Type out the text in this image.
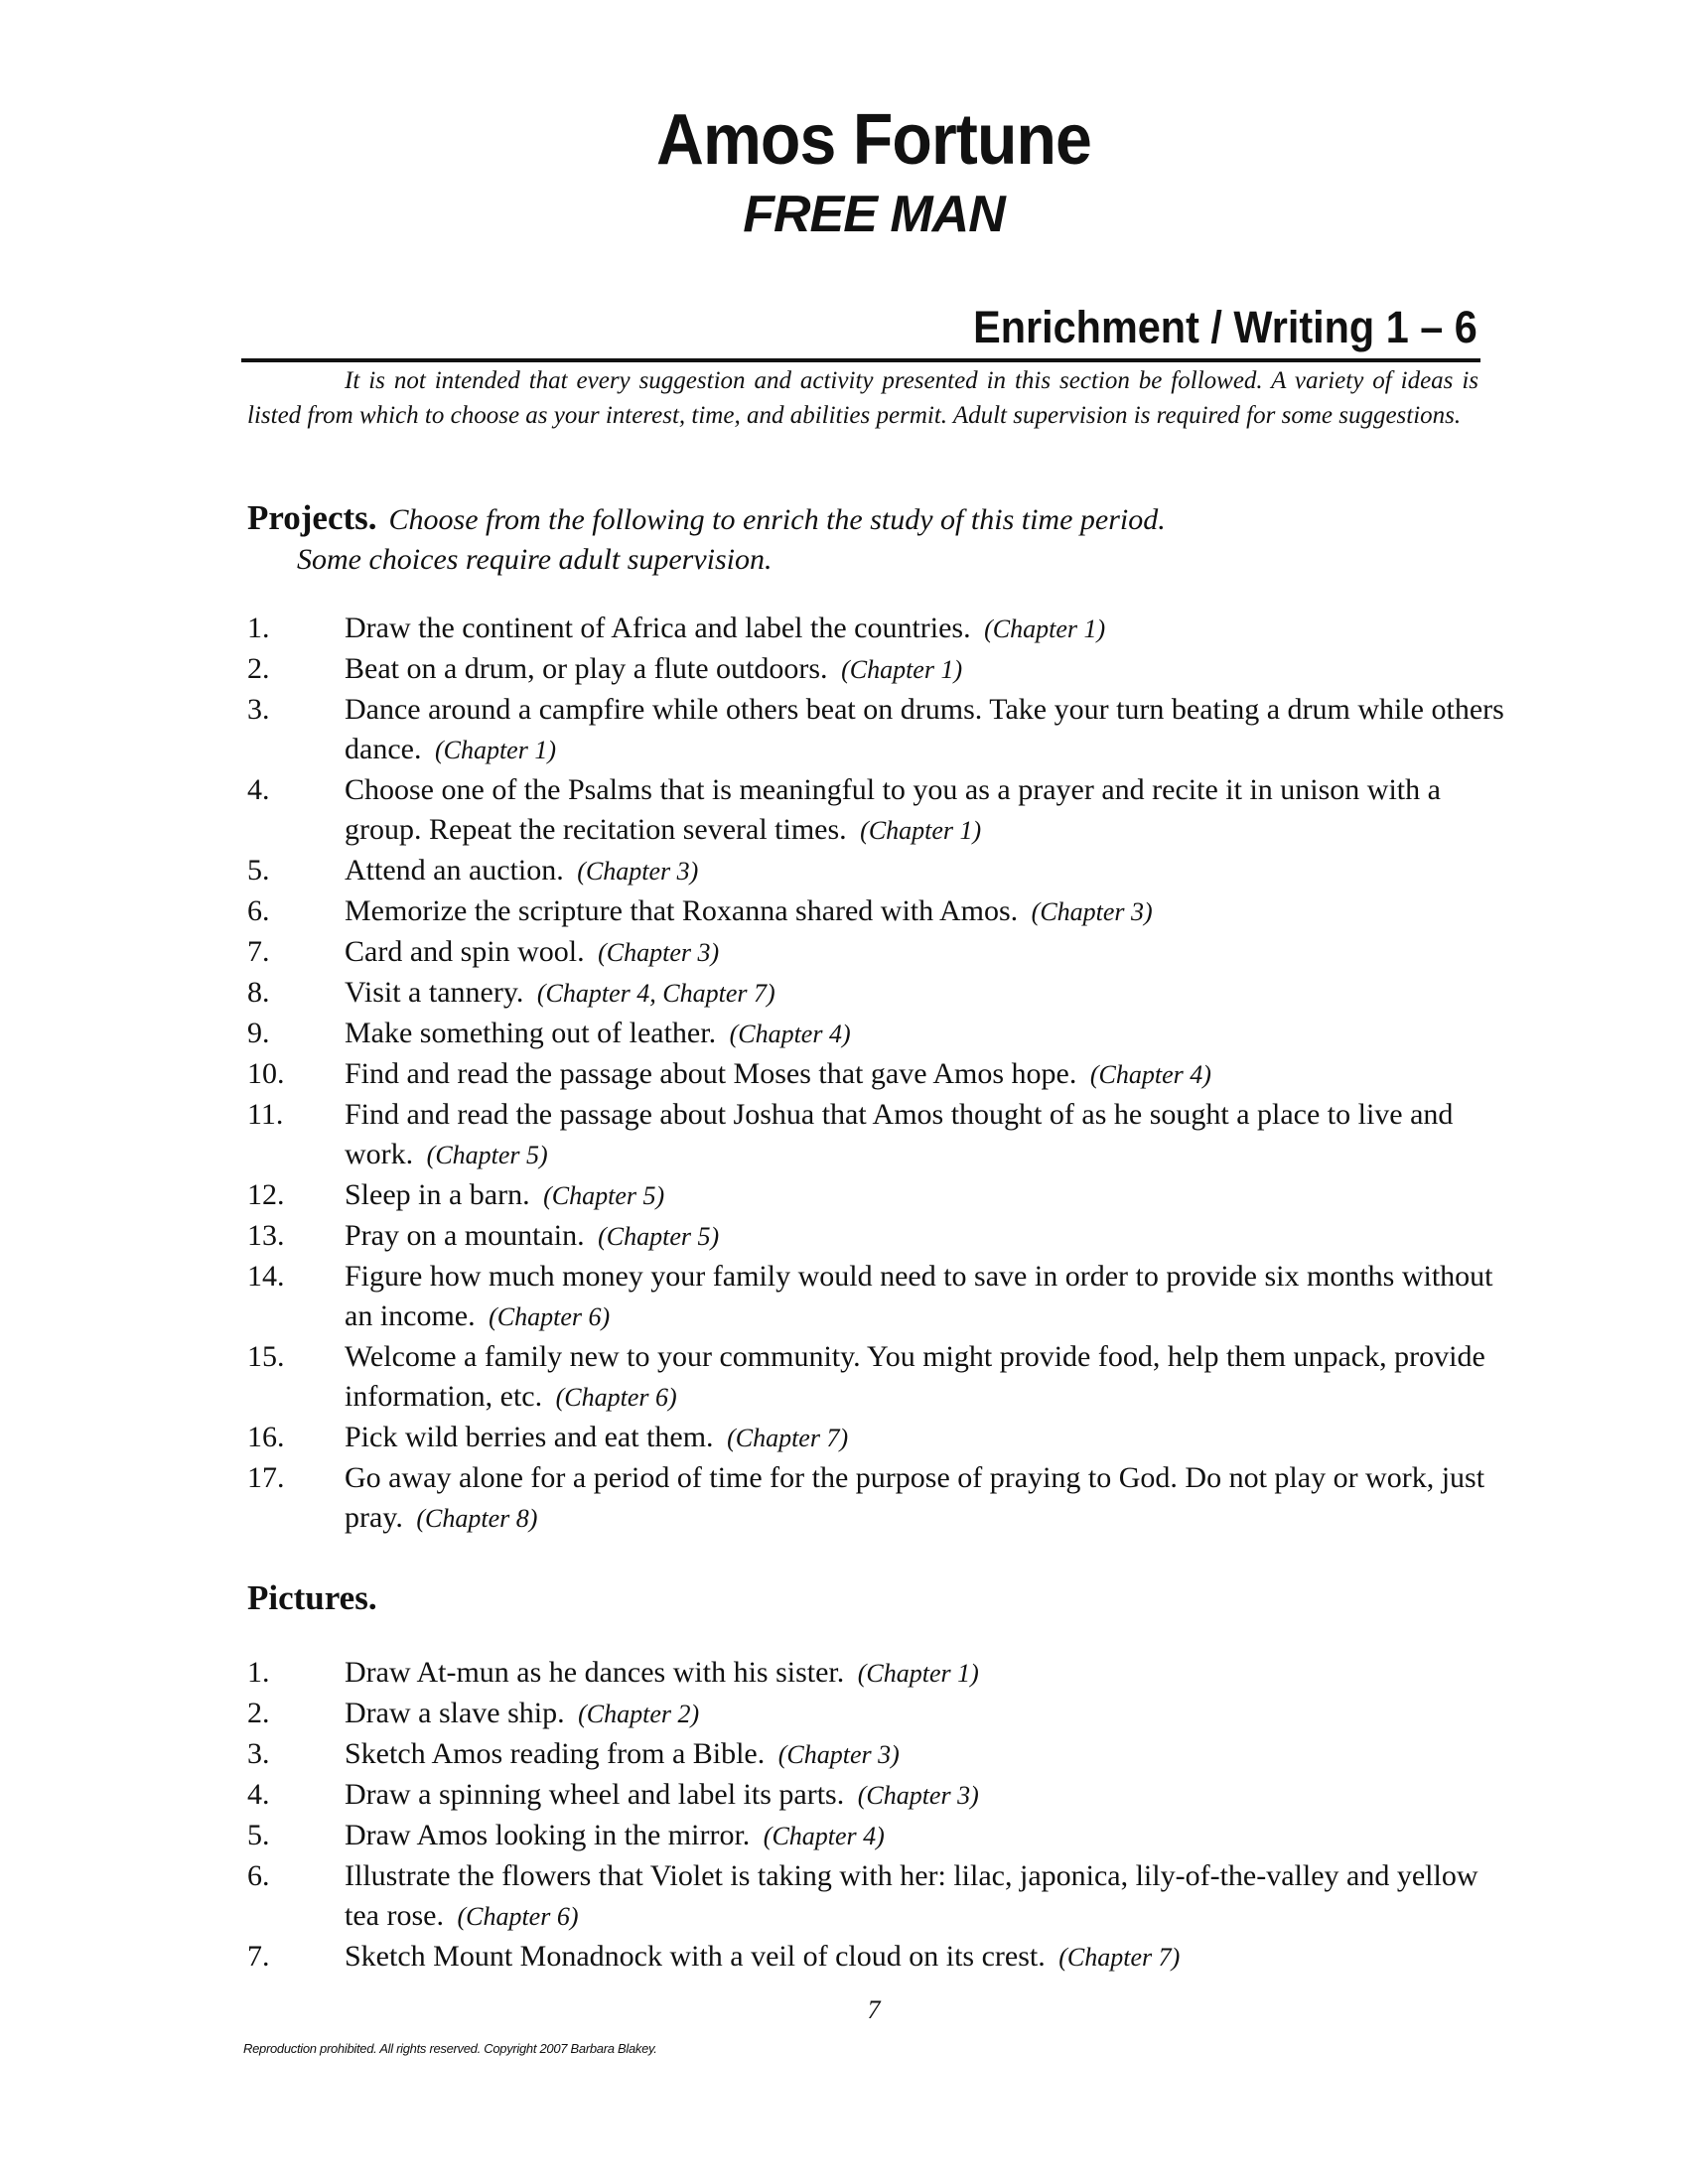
Amos Fortune
FREE MAN
Enrichment / Writing 1 – 6

It is not intended that every suggestion and activity presented in this section be followed. A variety of ideas is listed from which to choose as your interest, time, and abilities permit. Adult supervision is required for some suggestions.

Projects. Choose from the following to enrich the study of this time period.
Some choices require adult supervision.
1.	Draw the continent of Africa and label the countries. (Chapter 1)
2.	Beat on a drum, or play a flute outdoors. (Chapter 1)
3.	Dance around a campfire while others beat on drums. Take your turn beating a drum while others dance. (Chapter 1)
4.	Choose one of the Psalms that is meaningful to you as a prayer and recite it in unison with a group. Repeat the recitation several times. (Chapter 1)
5.	Attend an auction. (Chapter 3)
6.	Memorize the scripture that Roxanna shared with Amos. (Chapter 3)
7.	Card and spin wool. (Chapter 3)
8.	Visit a tannery. (Chapter 4, Chapter 7)
9.	Make something out of leather. (Chapter 4)
10. Find and read the passage about Moses that gave Amos hope. (Chapter 4)
11. Find and read the passage about Joshua that Amos thought of as he sought a place to live and work. (Chapter 5)
12. Sleep in a barn. (Chapter 5)
13. Pray on a mountain. (Chapter 5)
14. Figure how much money your family would need to save in order to provide six months without an income. (Chapter 6)
15. Welcome a family new to your community. You might provide food, help them unpack, provide information, etc. (Chapter 6)
16. Pick wild berries and eat them. (Chapter 7)
17. Go away alone for a period of time for the purpose of praying to God. Do not play or work, just pray. (Chapter 8)
Pictures.
1.	Draw At-mun as he dances with his sister. (Chapter 1)
2.	Draw a slave ship. (Chapter 2)
3.	Sketch Amos reading from a Bible. (Chapter 3)
4.	Draw a spinning wheel and label its parts. (Chapter 3)
5.	Draw Amos looking in the mirror. (Chapter 4)
6.	Illustrate the flowers that Violet is taking with her: lilac, japonica, lily-of-the-valley and yellow tea rose. (Chapter 6)
7.	Sketch Mount Monadnock with a veil of cloud on its crest. (Chapter 7)
7
Reproduction prohibited. All rights reserved. Copyright 2007 Barbara Blakey.
